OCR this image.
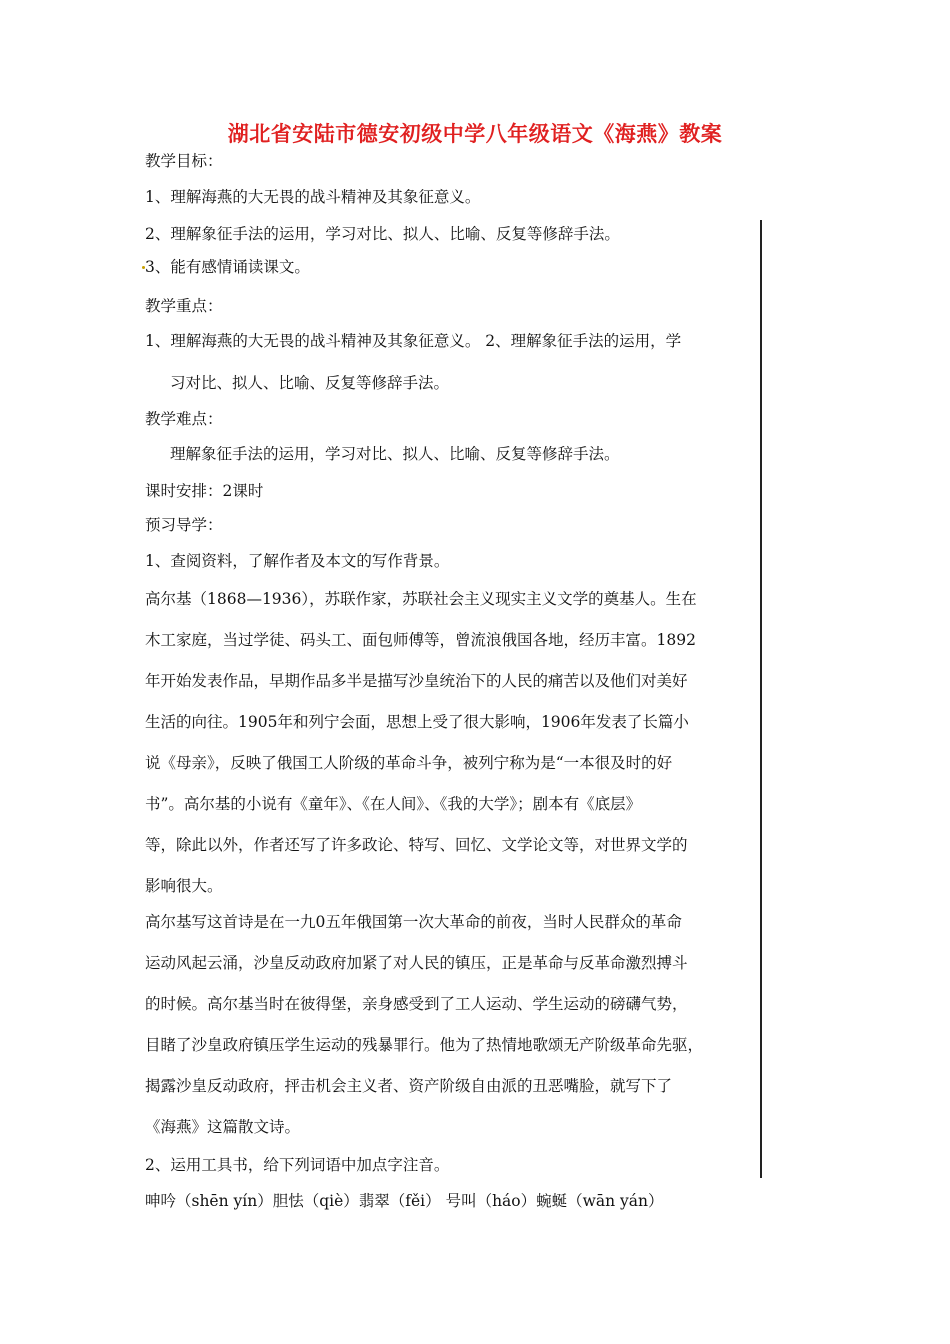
湖北省安陆市德安初级中学八年级语文《海燕》教案
教学目标：
1、理解海燕的大无畏的战斗精神及其象征意义。
2、理解象征手法的运用，学习对比、拟人、比喻、反复等修辞手法。
3、能有感情诵读课文。
教学重点：
1、理解海燕的大无畏的战斗精神及其象征意义。 2、理解象征手法的运用，学
习对比、拟人、比喻、反复等修辞手法。
教学难点：
理解象征手法的运用，学习对比、拟人、比喻、反复等修辞手法。
课时安排：2课时
预习导学：
1、查阅资料，了解作者及本文的写作背景。
高尔基（1868—1936），苏联作家，苏联社会主义现实主义文学的奠基人。生在
木工家庭，当过学徒、码头工、面包师傅等，曾流浪俄国各地，经历丰富。1892
年开始发表作品，早期作品多半是描写沙皇统治下的人民的痛苦以及他们对美好
生活的向往。1905年和列宁会面，思想上受了很大影响，1906年发表了长篇小
说《母亲》，反映了俄国工人阶级的革命斗争，被列宁称为是“一本很及时的好
书”。高尔基的小说有《童年》、《在人间》、《我的大学》；剧本有《底层》
等，除此以外，作者还写了许多政论、特写、回忆、文学论文等，对世界文学的
影响很大。
高尔基写这首诗是在一九0五年俄国第一次大革命的前夜，当时人民群众的革命
运动风起云涌，沙皇反动政府加紧了对人民的镇压，正是革命与反革命激烈搏斗
的时候。高尔基当时在彼得堡，亲身感受到了工人运动、学生运动的磅礴气势，
目睹了沙皇政府镇压学生运动的残暴罪行。他为了热情地歌颂无产阶级革命先驱，
揭露沙皇反动政府，抨击机会主义者、资产阶级自由派的丑恶嘴脸，就写下了
《海燕》这篇散文诗。
2、运用工具书，给下列词语中加点字注音。
呻吟（shēn yín）胆怯（qiè）翡翠（fěi） 号叫（háo）蜿蜒（wān yán）
